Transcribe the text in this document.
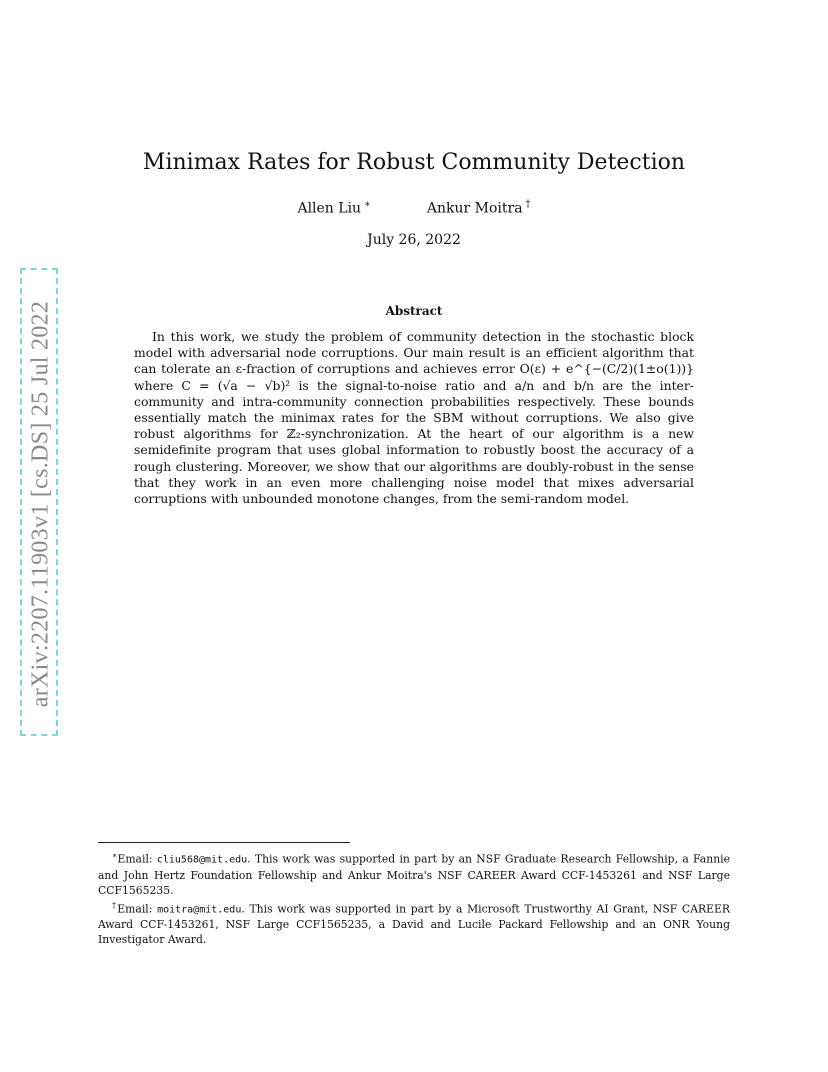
arXiv:2207.11903v1 [cs.DS] 25 Jul 2022
Minimax Rates for Robust Community Detection
Allen Liu ∗	Ankur Moitra †
July 26, 2022
Abstract

In this work, we study the problem of community detection in the stochastic block model with adversarial node corruptions. Our main result is an efficient algorithm that can tolerate an ε-fraction of corruptions and achieves error O(ε) + e^{−(C/2)(1±o(1))} where C = (√a − √b)² is the signal-to-noise ratio and a/n and b/n are the inter-community and intra-community connection probabilities respectively. These bounds essentially match the minimax rates for the SBM without corruptions. We also give robust algorithms for ℤ₂-synchronization. At the heart of our algorithm is a new semidefinite program that uses global information to robustly boost the accuracy of a rough clustering. Moreover, we show that our algorithms are doubly-robust in the sense that they work in an even more challenging noise model that mixes adversarial corruptions with unbounded monotone changes, from the semi-random model.

∗Email: cliu568@mit.edu. This work was supported in part by an NSF Graduate Research Fellowship, a Fannie and John Hertz Foundation Fellowship and Ankur Moitra's NSF CAREER Award CCF-1453261 and NSF Large CCF1565235.

†Email: moitra@mit.edu. This work was supported in part by a Microsoft Trustworthy AI Grant, NSF CAREER Award CCF-1453261, NSF Large CCF1565235, a David and Lucile Packard Fellowship and an ONR Young Investigator Award.
